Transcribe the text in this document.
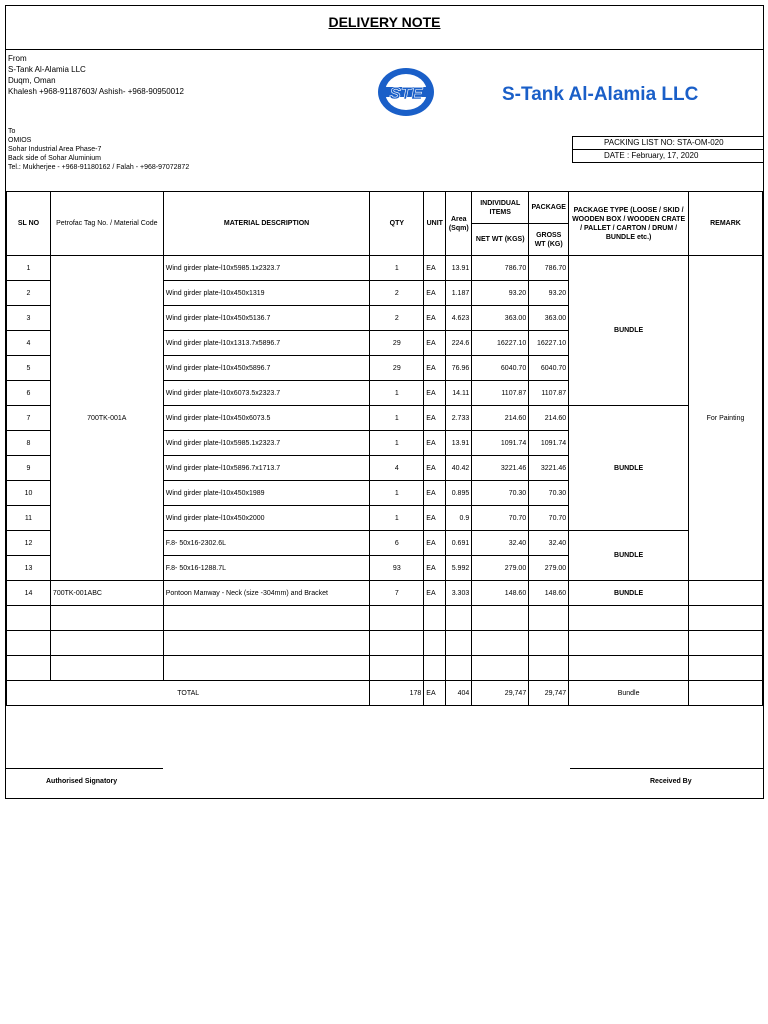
DELIVERY NOTE
From
S-Tank Al-Alamia LLC
Duqm, Oman
Khalesh +968-91187603/ Ashish- +968-90950012	STE	S-Tank Al-Alamia LLC
To
OMIOS
Sohar Industrial Area Phase-7
Back side of Sohar Aluminium
Tel.: Mukherjee - +968-91180162 / Falah - +968-97072872
PACKING LIST NO: STA-OM-020
DATE : February, 17, 2020
SL NO	Petrofac Tag No. / Material Code	MATERIAL DESCRIPTION	QTY	UNIT	Area (Sqm)	INDIVIDUAL ITEMS	PACKAGE	PACKAGE TYPE (LOOSE / SKID / WOODEN BOX / WOODEN CRATE / PALLET / CARTON / DRUM / BUNDLE etc.)	REMARK
						NET WT (KGS)	GROSS WT (KG)		
1	700TK-001A	Wind girder plate-l10x5985.1x2323.7	1	EA	13.91	786.70	786.70	BUNDLE	For Painting
2		Wind girder plate-l10x450x1319	2	EA	1.187	93.20	93.20		
3		Wind girder plate-l10x450x5136.7	2	EA	4.623	363.00	363.00		
4		Wind girder plate-l10x1313.7x5896.7	29	EA	224.6	16227.10	16227.10		
5		Wind girder plate-l10x450x5896.7	29	EA	76.96	6040.70	6040.70		
6		Wind girder plate-l10x6073.5x2323.7	1	EA	14.11	1107.87	1107.87		
7		Wind girder plate-l10x450x6073.5	1	EA	2.733	214.60	214.60	BUNDLE	
8		Wind girder plate-l10x5985.1x2323.7	1	EA	13.91	1091.74	1091.74		
9		Wind girder plate-l10x5896.7x1713.7	4	EA	40.42	3221.46	3221.46		
10		Wind girder plate-l10x450x1989	1	EA	0.895	70.30	70.30		
11		Wind girder plate-l10x450x2000	1	EA	0.9	70.70	70.70		
12		F.8- 50x16-2302.6L	6	EA	0.691	32.40	32.40	BUNDLE	
13		F.8- 50x16-1288.7L	93	EA	5.992	279.00	279.00		
14	700TK-001ABC	Pontoon Manway - Neck (size -304mm) and Bracket	7	EA	3.303	148.60	148.60	BUNDLE	

TOTAL			178	EA	404	29,747	29,747	Bundle	
Authorised Signatory	Received By
